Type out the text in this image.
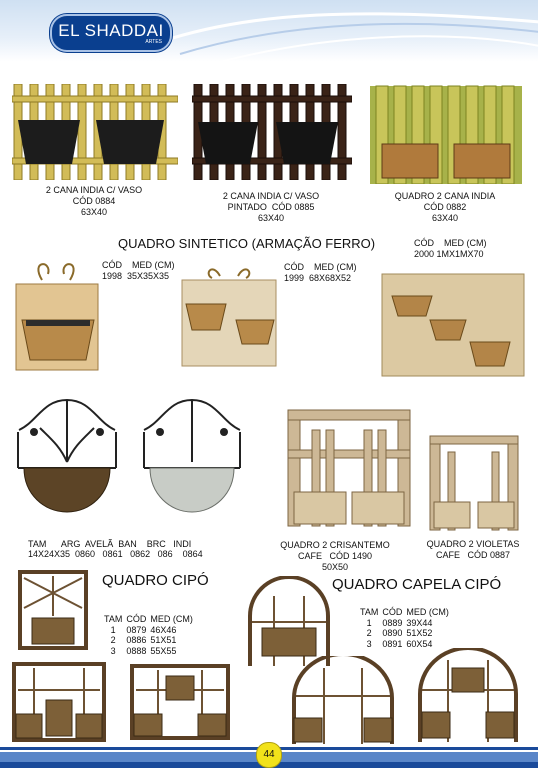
EL SHADDAI
ARTES
2 CANA INDIA C/ VASO
CÓD 0884
63X40
2 CANA INDIA C/ VASO
PINTADO  CÓD 0885
63X40
QUADRO 2 CANA INDIA
CÓD 0882
63X40
QUADRO SINTETICO (ARMAÇÃO FERRO)
CÓD    MED (CM)
1998  35X35X35
CÓD    MED (CM)
1999  68X68X52
CÓD    MED (CM)
2000 1MX1MX70
TAM      ARG  AVELÃ  BAN    BRC   INDI
14X24X35  0860   0861   0862   086    0864
QUADRO 2 CRISANTEMO
CAFE   CÓD 1490
50X50
QUADRO 2 VIOLETAS
CAFE   CÓD 0887
QUADRO CIPÓ
TAM	CÓD	MED (CM)
1	0879	46X46
2	0886	51X51
3	0888	55X55
QUADRO CAPELA CIPÓ
TAM	CÓD	MED (CM)
1	0889	39X44
2	0890	51X52
3	0891	60X54
44
